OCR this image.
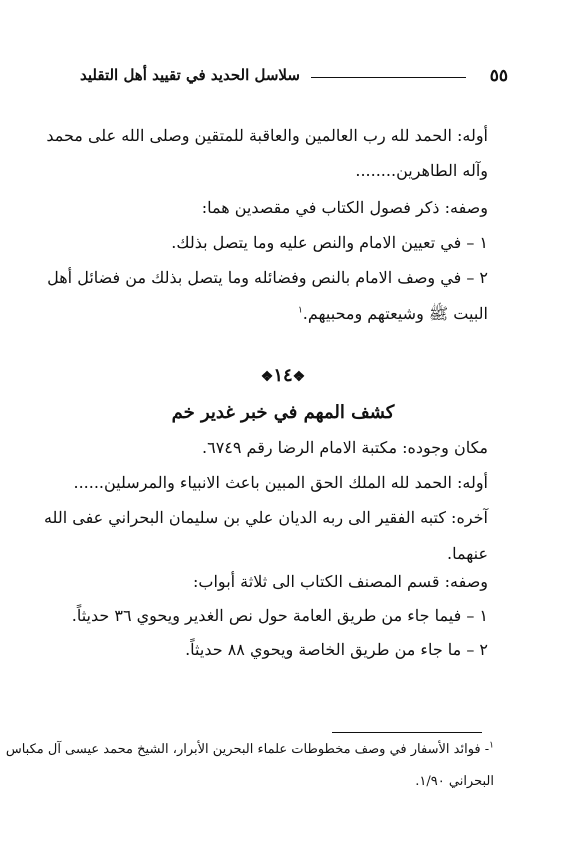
٥٥
سلاسل الحديد في تقييد أهل التقليد
أوله: الحمد لله رب العالمين والعاقبة للمتقين وصلى الله على محمد
وآله الطاهرين........
وصفه: ذكر فصول الكتاب في مقصدين هما:
١ – في تعيين الامام والنص عليه وما يتصل بذلك.
٢ – في وصف الامام بالنص وفضائله وما يتصل بذلك من فضائل أهل
البيت ﷺ وشيعتهم ومحبيهم.$^١$
❖١٤❖
كشف المهم في خبر غدير خم
مكان وجوده: مكتبة الامام الرضا رقم ٦٧٤٩.
أوله: الحمد لله الملك الحق المبين باعث الانبياء والمرسلين......
آخره: كتبه الفقير الى ربه الديان علي بن سليمان البحراني عفى الله
عنهما.
وصفه: قسم المصنف الكتاب الى ثلاثة أبواب:
١ – فيما جاء من طريق العامة حول نص الغدير ويحوي ٣٦ حديثاً.
٢ – ما جاء من طريق الخاصة ويحوي ٨٨ حديثاً.
$^١$- فوائد الأسفار في وصف مخطوطات علماء البحرين الأبرار، الشيخ محمد عيسى آل مكباس
البحراني ١/٩٠.
